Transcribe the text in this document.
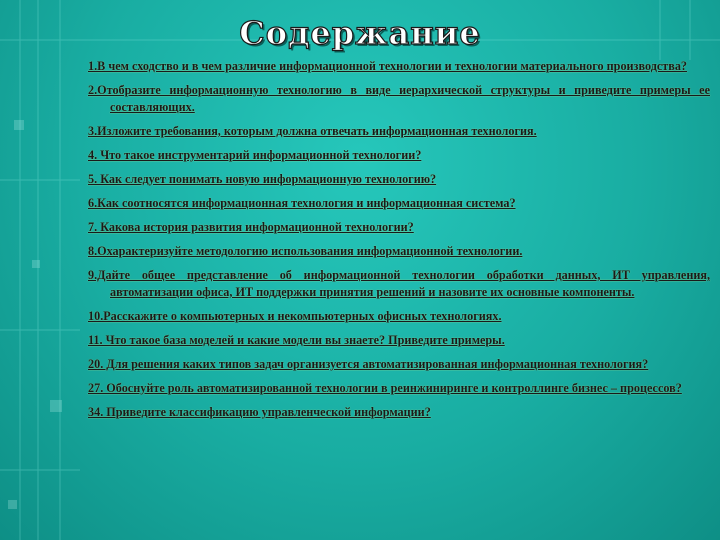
Содержание
1.В чем сходство и в чем различие информационной технологии и технологии материального производства?
2.Отобразите информационную технологию в виде иерархической структуры и приведите примеры ее составляющих.
3.Изложите требования, которым должна отвечать информационная технология.
4. Что такое инструментарий информационной технологии?
5. Как следует понимать новую информационную технологию?
6.Как соотносятся информационная технология и информационная система?
7. Какова история развития информационной технологии?
8.Охарактеризуйте методологию использования информационной технологии.
9.Дайте общее представление об информационной технологии обработки данных, ИТ управления, автоматизации офиса, ИТ поддержки принятия решений и назовите их основные компоненты.
10.Расскажите о компьютерных и некомпьютерных офисных технологиях.
11. Что такое база моделей и какие модели вы знаете? Приведите примеры.
20. Для решения каких типов задач организуется автоматизированная информационная технология?
27. Обоснуйте роль автоматизированной технологии в реинжиниринге и контроллинге бизнес – процессов?
34. Приведите классификацию управленческой информации?
